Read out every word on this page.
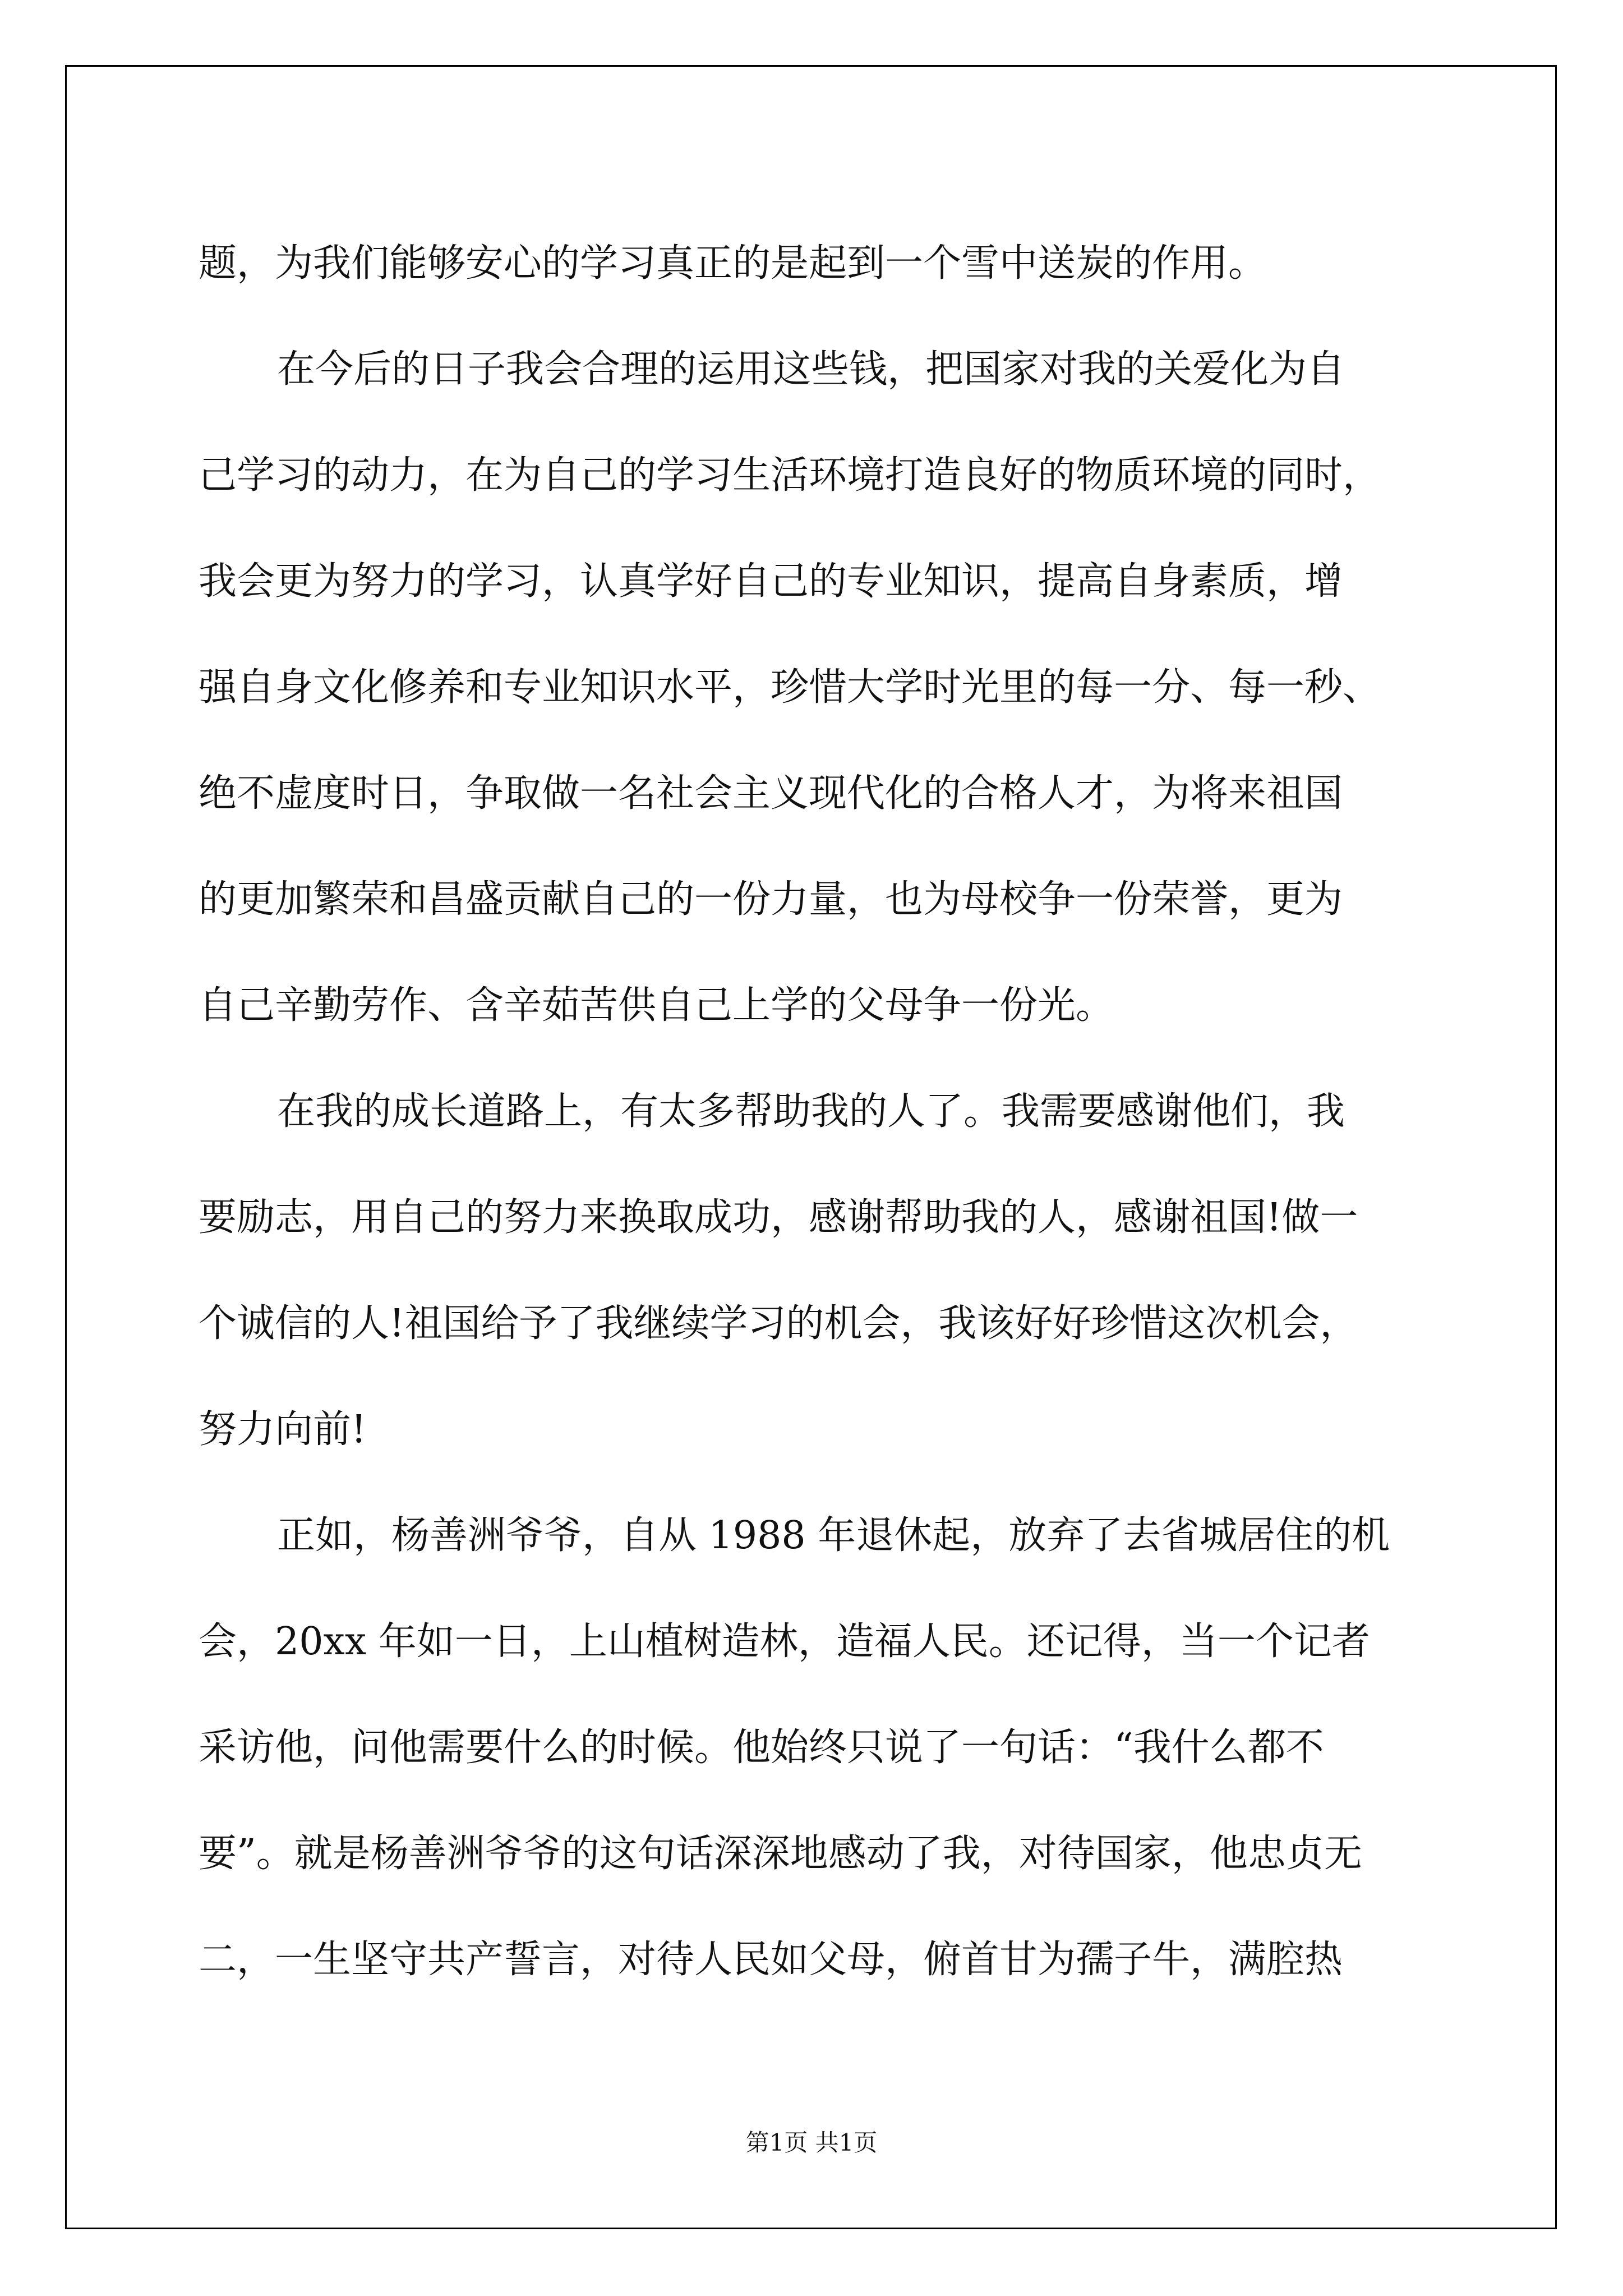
题，为我们能够安心的学习真正的是起到一个雪中送炭的作用。
在今后的日子我会合理的运用这些钱，把国家对我的关爱化为自
己学习的动力，在为自己的学习生活环境打造良好的物质环境的同时，
我会更为努力的学习，认真学好自己的专业知识，提高自身素质，增
强自身文化修养和专业知识水平，珍惜大学时光里的每一分、每一秒、
绝不虚度时日，争取做一名社会主义现代化的合格人才，为将来祖国
的更加繁荣和昌盛贡献自己的一份力量，也为母校争一份荣誉，更为
自己辛勤劳作、含辛茹苦供自己上学的父母争一份光。
在我的成长道路上，有太多帮助我的人了。我需要感谢他们，我
要励志，用自己的努力来换取成功，感谢帮助我的人，感谢祖国!做一
个诚信的人!祖国给予了我继续学习的机会，我该好好珍惜这次机会，
努力向前!
正如，杨善洲爷爷，自从 1988 年退休起，放弃了去省城居住的机
会，20xx 年如一日，上山植树造林，造福人民。还记得，当一个记者
采访他，问他需要什么的时候。他始终只说了一句话：“我什么都不
要”。就是杨善洲爷爷的这句话深深地感动了我，对待国家，他忠贞无
二，一生坚守共产誓言，对待人民如父母，俯首甘为孺子牛，满腔热
第1页 共1页
